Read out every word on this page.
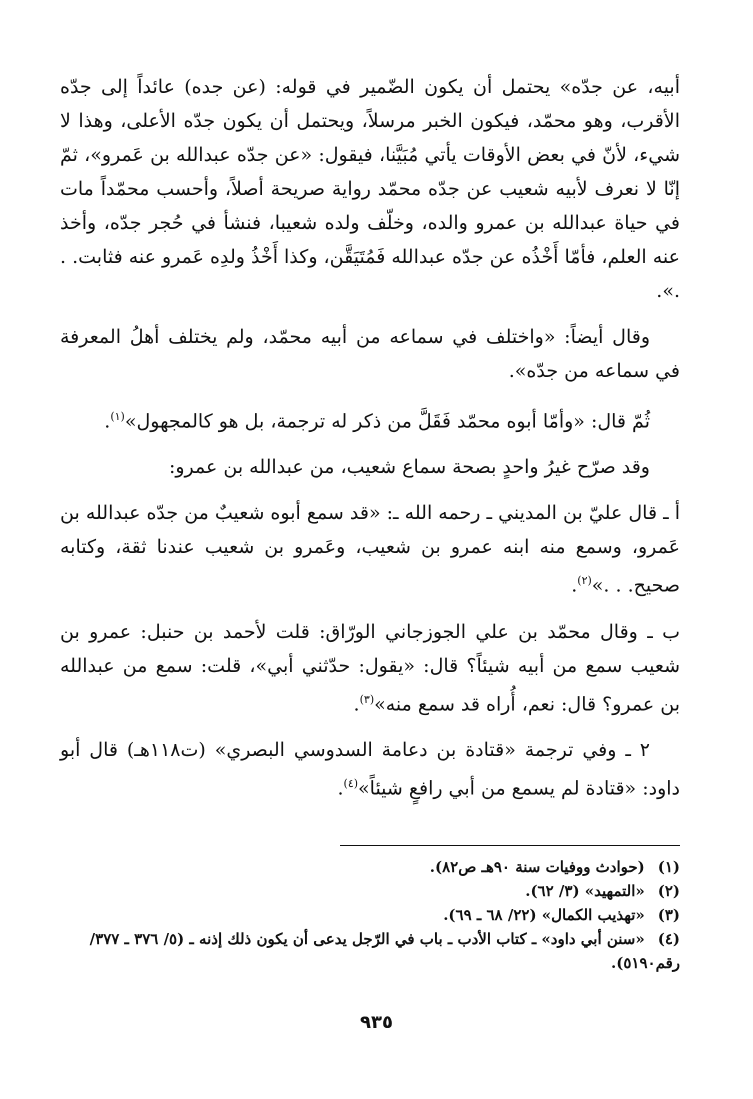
أبيه، عن جدّه» يحتمل أن يكون الضّمير في قوله: (عن جده) عائداً إلى جدّه الأقرب، وهو محمّد، فيكون الخبر مرسلاً، ويحتمل أن يكون جدّه الأعلى، وهذا لا شيء، لأنّ في بعض الأوقات يأتي مُبَيَّنا، فيقول: «عن جدّه عبدالله بن عَمرو»، ثمّ إنّا لا نعرف لأبيه شعيب عن جدّه محمّد رواية صريحة أصلاً، وأحسب محمّداً مات في حياة عبدالله بن عمرو والده، وخلّف ولده شعيبا، فنشأ في حُجر جدّه، وأخذ عنه العلم، فأمّا أَخْذُه عن جدّه عبدالله فَمُتَيَقَّن، وكذا أَخْذُ ولدِه عَمرو عنه فثابت. . .».

وقال أيضاً: «واختلف في سماعه من أبيه محمّد، ولم يختلف أهلُ المعرفة في سماعه من جدّه».

ثُمّ قال: «وأمّا أبوه محمّد فَقَلَّ من ذكر له ترجمة، بل هو كالمجهول»$^{(١)}$.

وقد صرّح غيرُ واحدٍ بصحة سماع شعيب، من عبدالله بن عمرو:

أ ـ قال عليّ بن المديني ـ رحمه الله ـ: «قد سمع أبوه شعيبٌ من جدّه عبدالله بن عَمرو، وسمع منه ابنه عمرو بن شعيب، وعَمرو بن شعيب عندنا ثقة، وكتابه صحيح. . .»$^{(٢)}$.

ب ـ وقال محمّد بن علي الجوزجاني الورّاق: قلت لأحمد بن حنبل: عمرو بن شعيب سمع من أبيه شيئاً؟ قال: «يقول: حدّثني أبي»، قلت: سمع من عبدالله بن عمرو؟ قال: نعم، أُراه قد سمع منه»$^{(٣)}$.

٢ ـ وفي ترجمة «قتادة بن دعامة السدوسي البصري» (ت١١٨هـ) قال أبو داود: «قتادة لم يسمع من أبي رافعٍ شيئاً»$^{(٤)}$.

(١) (حوادث ووفيات سنة ٩٠هـ ص٨٢).

(٢) «التمهيد» (٣/ ٦٢).

(٣) «تهذيب الكمال» (٢٢/ ٦٨ ـ ٦٩).

(٤) «سنن أبي داود» ـ كتاب الأدب ـ باب في الرّجل يدعى أن يكون ذلك إذنه ـ (٥/ ٣٧٦ ـ ٣٧٧/ رقم٥١٩٠).

٩٣٥
